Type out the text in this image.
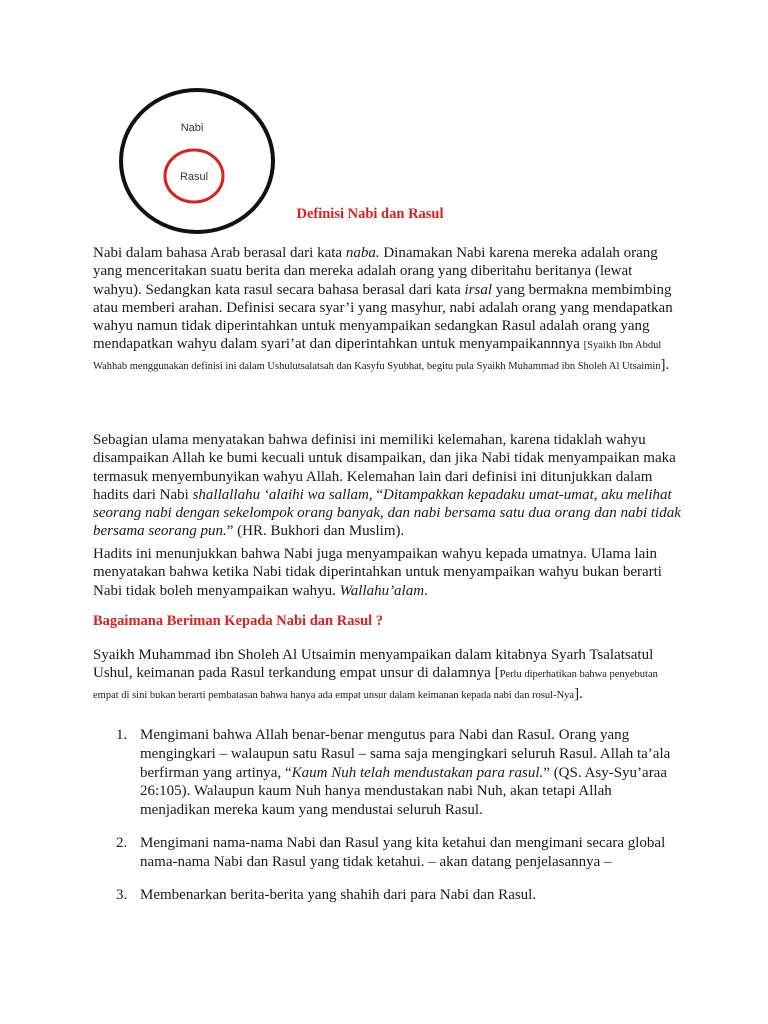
Nabi
Rasul
Definisi Nabi dan Rasul

Nabi dalam bahasa Arab berasal dari kata naba. Dinamakan Nabi karena mereka adalah orang yang menceritakan suatu berita dan mereka adalah orang yang diberitahu beritanya (lewat wahyu). Sedangkan kata rasul secara bahasa berasal dari kata irsal yang bermakna membimbing atau memberi arahan. Definisi secara syar’i yang masyhur, nabi adalah orang yang mendapatkan wahyu namun tidak diperintahkan untuk menyampaikan sedangkan Rasul adalah orang yang mendapatkan wahyu dalam syari’at dan diperintahkan untuk menyampaikannnya [Syaikh Ibn Abdul Wahhab menggunakan definisi ini dalam Ushulutsalatsah dan Kasyfu Syubhat, begitu pula Syaikh Muhammad ibn Sholeh Al Utsaimin].

Sebagian ulama menyatakan bahwa definisi ini memiliki kelemahan, karena tidaklah wahyu disampaikan Allah ke bumi kecuali untuk disampaikan, dan jika Nabi tidak menyampaikan maka termasuk menyembunyikan wahyu Allah. Kelemahan lain dari definisi ini ditunjukkan dalam hadits dari Nabi shallallahu ‘alaihi wa sallam, “Ditampakkan kepadaku umat-umat, aku melihat seorang nabi dengan sekelompok orang banyak, dan nabi bersama satu dua orang dan nabi tidak bersama seorang pun.” (HR. Bukhori dan Muslim).

Hadits ini menunjukkan bahwa Nabi juga menyampaikan wahyu kepada umatnya. Ulama lain menyatakan bahwa ketika Nabi tidak diperintahkan untuk menyampaikan wahyu bukan berarti Nabi tidak boleh menyampaikan wahyu. Wallahu’alam.

Bagaimana Beriman Kepada Nabi dan Rasul ?

Syaikh Muhammad ibn Sholeh Al Utsaimin menyampaikan dalam kitabnya Syarh Tsalatsatul Ushul, keimanan pada Rasul terkandung empat unsur di dalamnya [Perlu diperhatikan bahwa penyebutan empat di sini bukan berarti pembatasan bahwa hanya ada empat unsur dalam keimanan kepada nabi dan rosul-Nya].

1. Mengimani bahwa Allah benar-benar mengutus para Nabi dan Rasul. Orang yang mengingkari – walaupun satu Rasul – sama saja mengingkari seluruh Rasul. Allah ta’ala berfirman yang artinya, “Kaum Nuh telah mendustakan para rasul.” (QS. Asy-Syu’araa 26:105). Walaupun kaum Nuh hanya mendustakan nabi Nuh, akan tetapi Allah menjadikan mereka kaum yang mendustai seluruh Rasul.
2. Mengimani nama-nama Nabi dan Rasul yang kita ketahui dan mengimani secara global nama-nama Nabi dan Rasul yang tidak ketahui. – akan datang penjelasannya –
3. Membenarkan berita-berita yang shahih dari para Nabi dan Rasul.
